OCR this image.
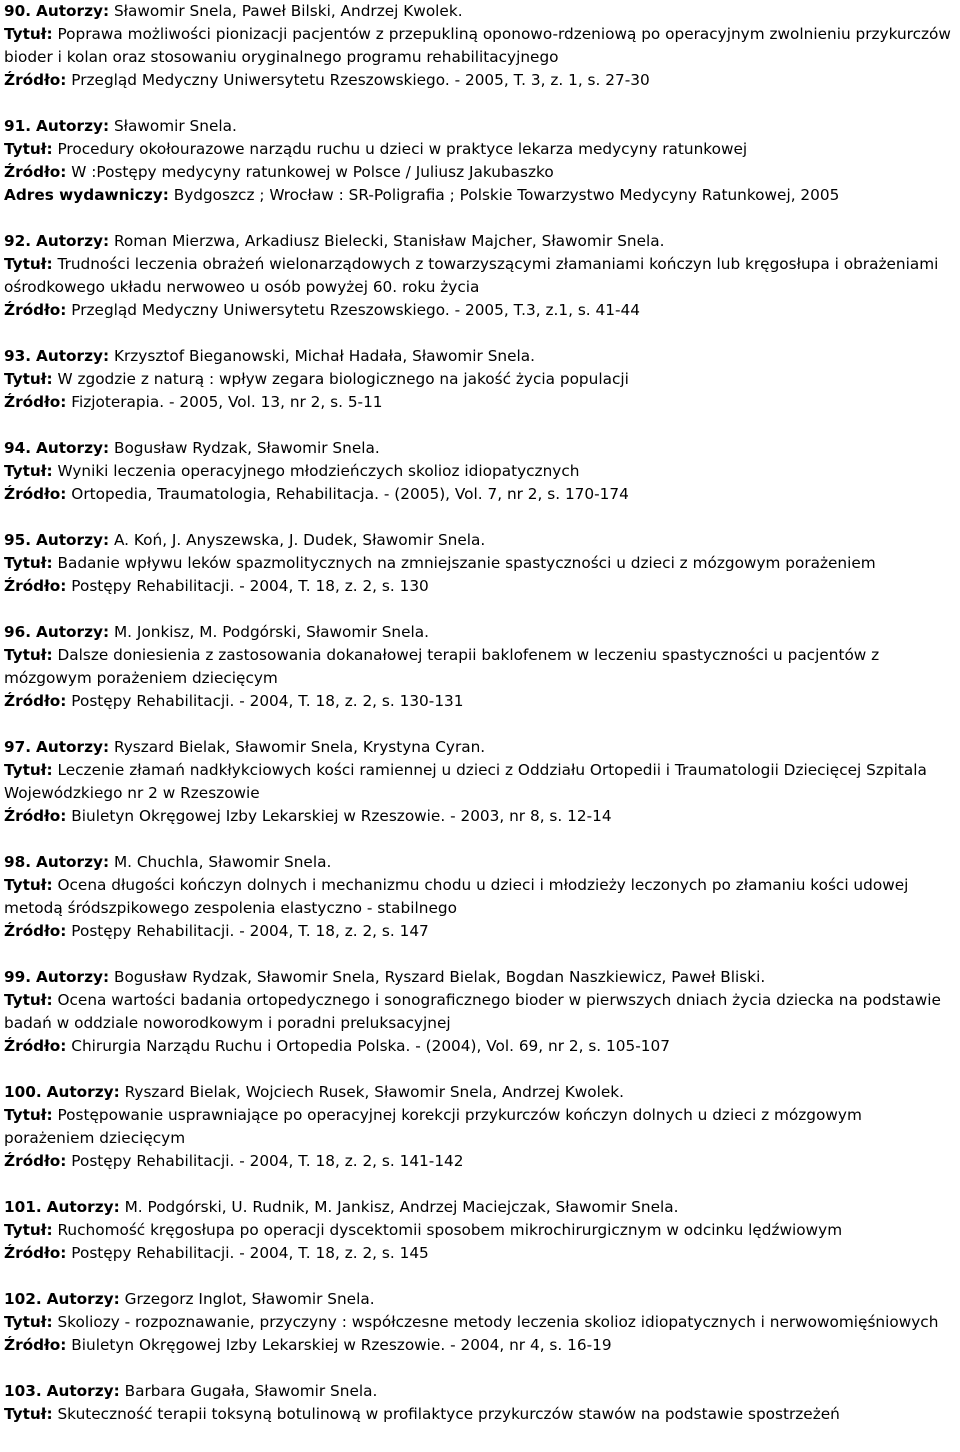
90. Autorzy: Sławomir Snela, Paweł Bilski, Andrzej Kwolek.
Tytuł: Poprawa możliwości pionizacji pacjentów z przepukliną oponowo-rdzeniową po operacyjnym zwolnieniu przykurczów bioder i kolan oraz stosowaniu oryginalnego programu rehabilitacyjnego
Źródło: Przegląd Medyczny Uniwersytetu Rzeszowskiego. - 2005, T. 3, z. 1, s. 27-30
91. Autorzy: Sławomir Snela.
Tytuł: Procedury okołourazowe narządu ruchu u dzieci w praktyce lekarza medycyny ratunkowej
Źródło: W :Postępy medycyny ratunkowej w Polsce / Juliusz Jakubaszko
Adres wydawniczy: Bydgoszcz ; Wrocław : SR-Poligrafia ; Polskie Towarzystwo Medycyny Ratunkowej, 2005
92. Autorzy: Roman Mierzwa, Arkadiusz Bielecki, Stanisław Majcher, Sławomir Snela.
Tytuł: Trudności leczenia obrażeń wielonarządowych z towarzyszącymi złamaniami kończyn lub kręgosłupa i obrażeniami ośrodkowego układu nerwoweo u osób powyżej 60. roku życia
Źródło: Przegląd Medyczny Uniwersytetu Rzeszowskiego. - 2005, T.3, z.1, s. 41-44
93. Autorzy: Krzysztof Bieganowski, Michał Hadała, Sławomir Snela.
Tytuł: W zgodzie z naturą : wpływ zegara biologicznego na jakość życia populacji
Źródło: Fizjoterapia. - 2005, Vol. 13, nr 2, s. 5-11
94. Autorzy: Bogusław Rydzak, Sławomir Snela.
Tytuł: Wyniki leczenia operacyjnego młodzieńczych skolioz idiopatycznych
Źródło: Ortopedia, Traumatologia, Rehabilitacja. - (2005), Vol. 7, nr 2, s. 170-174
95. Autorzy: A. Koń, J. Anyszewska, J. Dudek, Sławomir Snela.
Tytuł: Badanie wpływu leków spazmolitycznych na zmniejszanie spastyczności u dzieci z mózgowym porażeniem
Źródło: Postępy Rehabilitacji. - 2004, T. 18, z. 2, s. 130
96. Autorzy: M. Jonkisz, M. Podgórski, Sławomir Snela.
Tytuł: Dalsze doniesienia z zastosowania dokanałowej terapii baklofenem w leczeniu spastyczności u pacjentów z mózgowym porażeniem dziecięcym
Źródło: Postępy Rehabilitacji. - 2004, T. 18, z. 2, s. 130-131
97. Autorzy: Ryszard Bielak, Sławomir Snela, Krystyna Cyran.
Tytuł: Leczenie złamań nadkłykciowych kości ramiennej u dzieci z Oddziału Ortopedii i Traumatologii Dziecięcej Szpitala Wojewódzkiego nr 2 w Rzeszowie
Źródło: Biuletyn Okręgowej Izby Lekarskiej w Rzeszowie. - 2003, nr 8, s. 12-14
98. Autorzy: M. Chuchla, Sławomir Snela.
Tytuł: Ocena długości kończyn dolnych i mechanizmu chodu u dzieci i młodzieży leczonych po złamaniu kości udowej metodą śródszpikowego zespolenia elastyczno - stabilnego
Źródło: Postępy Rehabilitacji. - 2004, T. 18, z. 2, s. 147
99. Autorzy: Bogusław Rydzak, Sławomir Snela, Ryszard Bielak, Bogdan Naszkiewicz, Paweł Bliski.
Tytuł: Ocena wartości badania ortopedycznego i sonograficznego bioder w pierwszych dniach życia dziecka na podstawie badań w oddziale noworodkowym i poradni preluksacyjnej
Źródło: Chirurgia Narządu Ruchu i Ortopedia Polska. - (2004), Vol. 69, nr 2, s. 105-107
100. Autorzy: Ryszard Bielak, Wojciech Rusek, Sławomir Snela, Andrzej Kwolek.
Tytuł: Postępowanie usprawniające po operacyjnej korekcji przykurczów kończyn dolnych u dzieci z mózgowym porażeniem dziecięcym
Źródło: Postępy Rehabilitacji. - 2004, T. 18, z. 2, s. 141-142
101. Autorzy: M. Podgórski, U. Rudnik, M. Jankisz, Andrzej Maciejczak, Sławomir Snela.
Tytuł: Ruchomość kręgosłupa po operacji dyscektomii sposobem mikrochirurgicznym w odcinku lędźwiowym
Źródło: Postępy Rehabilitacji. - 2004, T. 18, z. 2, s. 145
102. Autorzy: Grzegorz Inglot, Sławomir Snela.
Tytuł: Skoliozy - rozpoznawanie, przyczyny : współczesne metody leczenia skolioz idiopatycznych i nerwowomięśniowych
Źródło: Biuletyn Okręgowej Izby Lekarskiej w Rzeszowie. - 2004, nr 4, s. 16-19
103. Autorzy: Barbara Gugała, Sławomir Snela.
Tytuł: Skuteczność terapii toksyną botulinową w profilaktyce przykurczów stawów na podstawie spostrzeżeń
